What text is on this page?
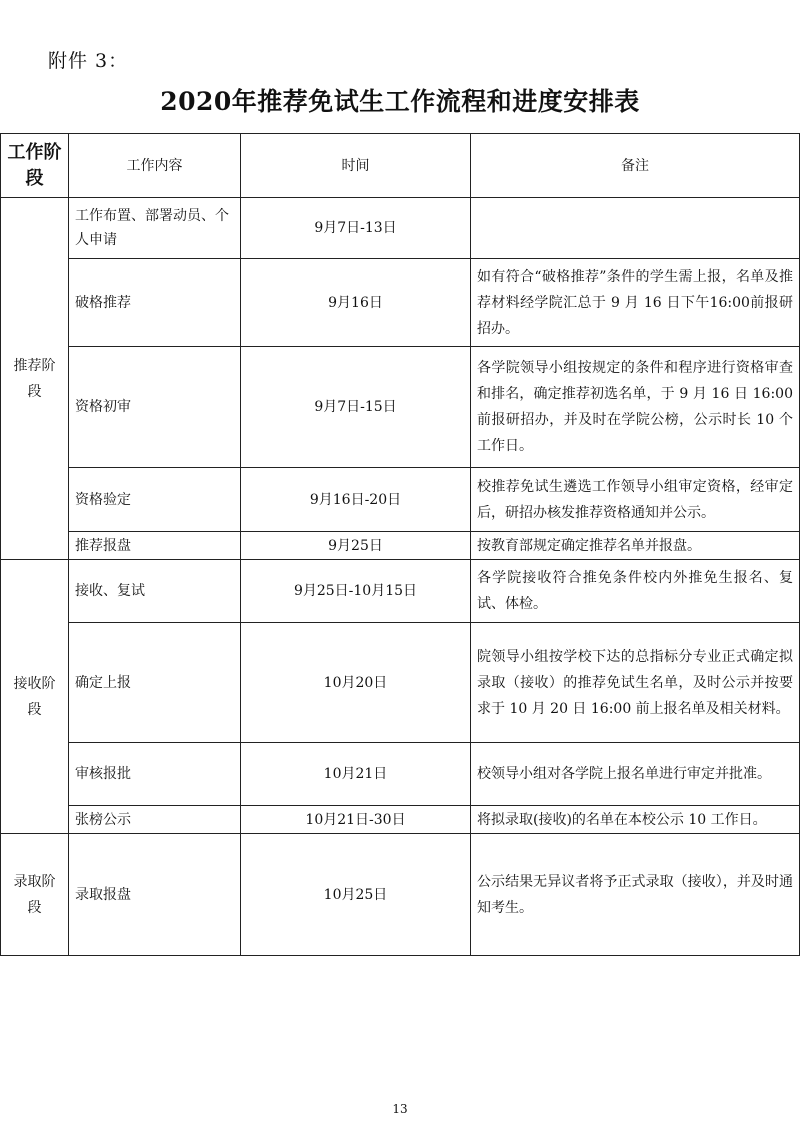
附件 3：
2020年推荐免试生工作流程和进度安排表
工作阶段	工作内容	时间	备注
推荐阶段	工作布置、部署动员、个人申请	9月7日-13日	
	破格推荐	9月16日	如有符合“破格推荐”条件的学生需上报，名单及推荐材料经学院汇总于 9 月 16 日下午16:00前报研招办。
	资格初审	9月7日-15日	各学院领导小组按规定的条件和程序进行资格审查和排名，确定推荐初选名单，于 9 月 16 日 16:00 前报研招办，并及时在学院公榜，公示时长 10 个工作日。
	资格验定	9月16日-20日	校推荐免试生遴选工作领导小组审定资格，经审定后，研招办核发推荐资格通知并公示。
	推荐报盘	9月25日	按教育部规定确定推荐名单并报盘。
接收阶段	接收、复试	9月25日-10月15日	各学院接收符合推免条件校内外推免生报名、复试、体检。
	确定上报	10月20日	院领导小组按学校下达的总指标分专业正式确定拟录取（接收）的推荐免试生名单，及时公示并按要求于 10 月 20 日 16:00 前上报名单及相关材料。
	审核报批	10月21日	校领导小组对各学院上报名单进行审定并批准。
	张榜公示	10月21日-30日	将拟录取(接收)的名单在本校公示 10 工作日。
录取阶段	录取报盘	10月25日	公示结果无异议者将予正式录取（接收），并及时通知考生。
13
